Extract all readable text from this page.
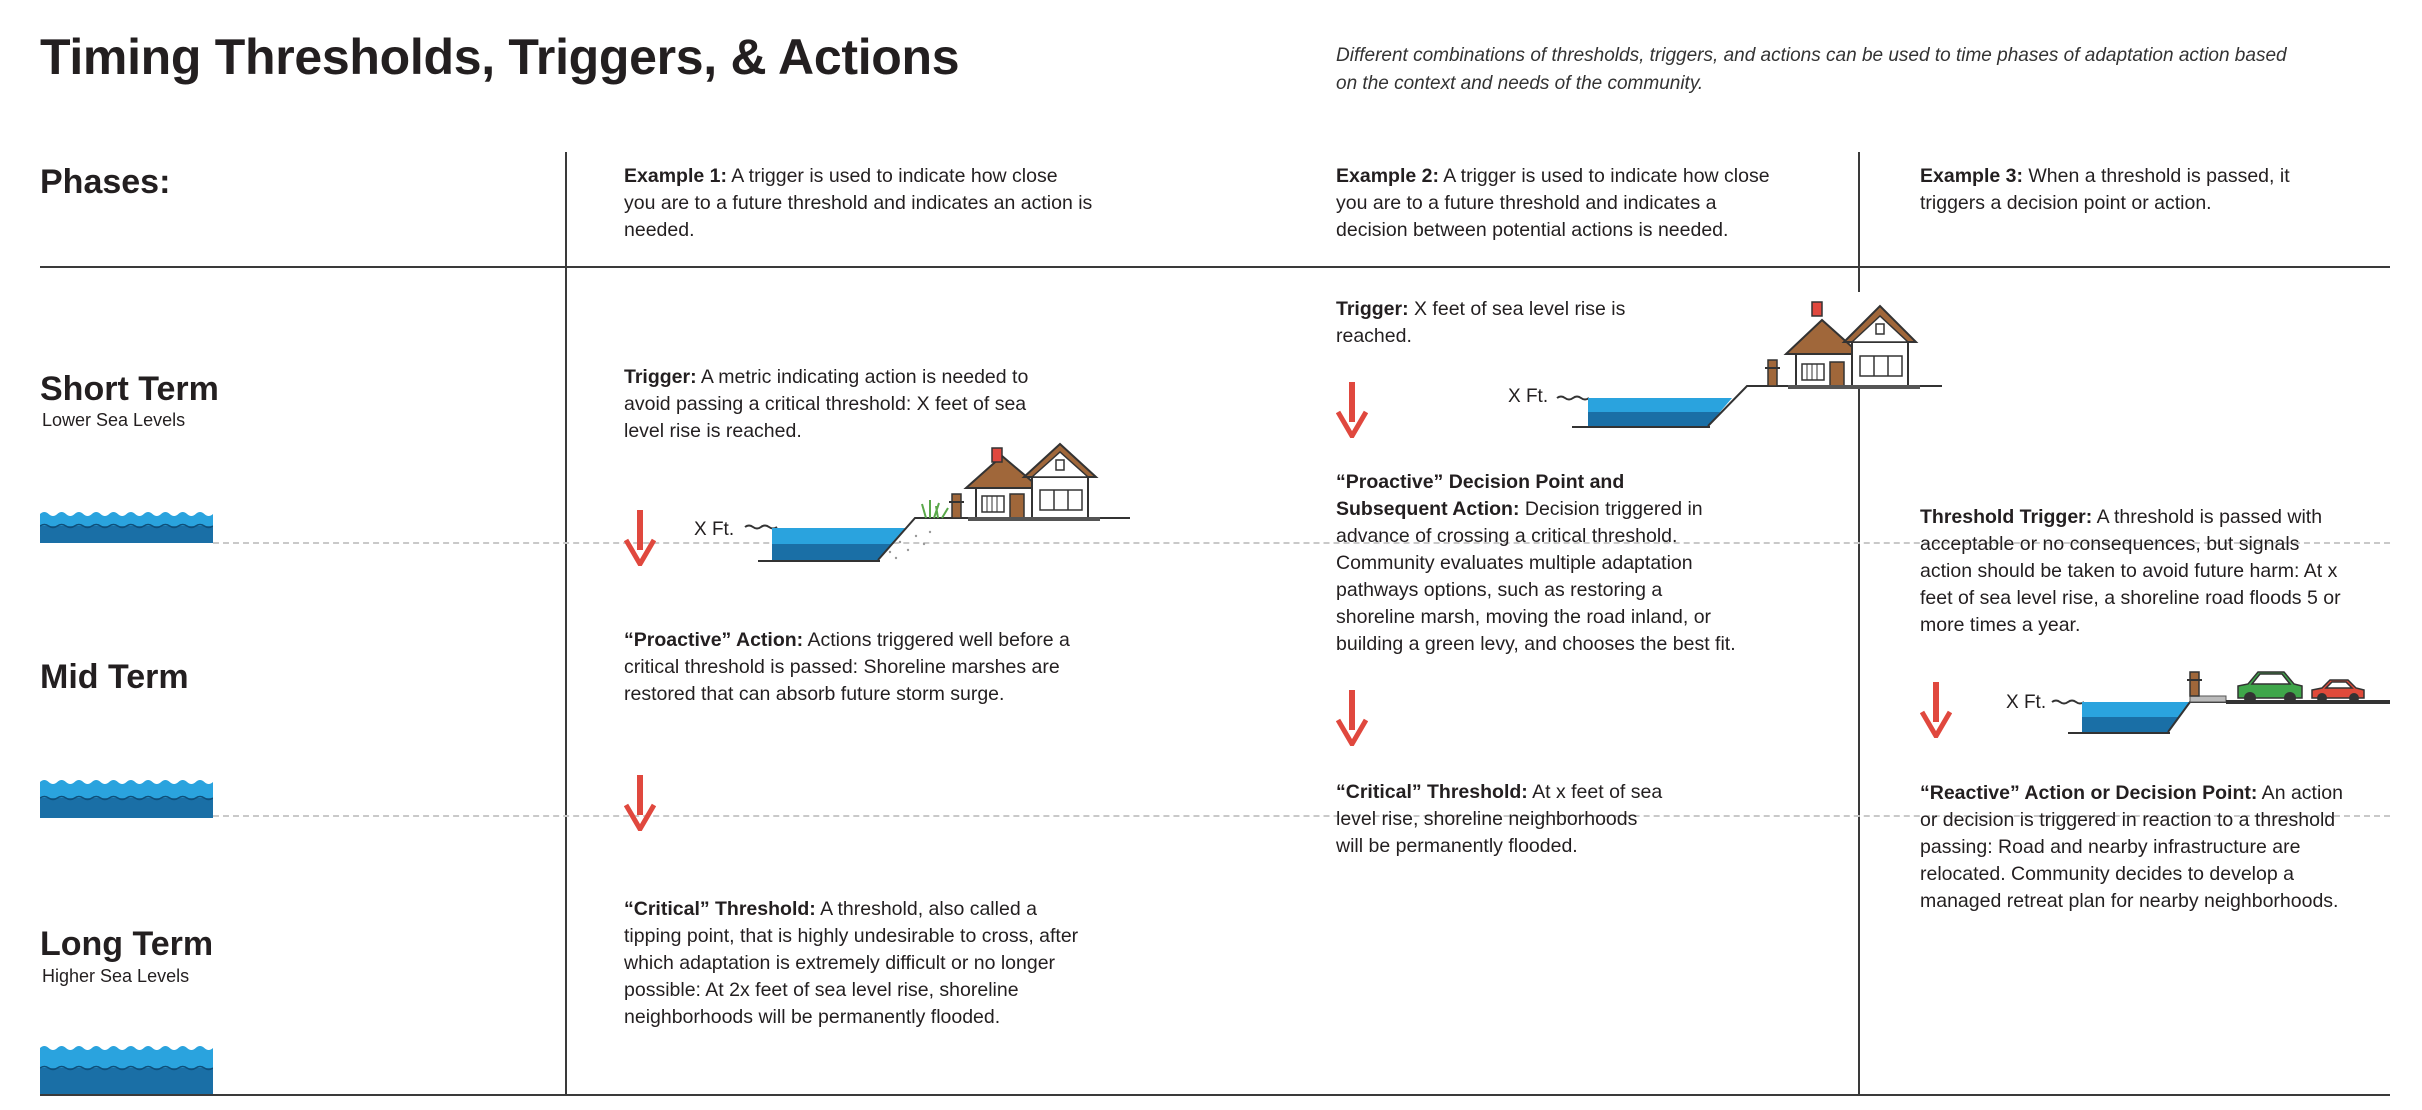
Timing Thresholds, Triggers, & Actions	Different combinations of thresholds, triggers, and actions can be used to time phases of adaptation action based on the context and needs of the community.
Phases:
Short Term
Lower Sea Levels
Mid Term
Long Term
Higher Sea Levels
Example 1: A trigger is used to indicate how close you are to a future threshold and indicates an action is needed.
Trigger: A metric indicating action is needed to avoid passing a critical threshold: X feet of sea level rise is reached.
X Ft.
“Proactive” Action: Actions triggered well before a critical threshold is passed: Shoreline marshes are restored that can absorb future storm surge.
“Critical” Threshold: A threshold, also called a tipping point, that is highly undesirable to cross, after which adaptation is extremely difficult or no longer possible: At 2x feet of sea level rise, shoreline neighborhoods will be permanently flooded.
Example 2: A trigger is used to indicate how close you are to a future threshold and indicates a decision between potential actions is needed.
Trigger: X feet of sea level rise is reached.
X Ft.
“Proactive” Decision Point and Subsequent Action: Decision triggered in advance of crossing a critical threshold. Community evaluates multiple adaptation pathways options, such as restoring a shoreline marsh, moving the road inland, or building a green levy, and chooses the best fit.
“Critical” Threshold: At x feet of sea level rise, shoreline neighborhoods will be permanently flooded.
Example 3: When a threshold is passed, it triggers a decision point or action.
Threshold Trigger: A threshold is passed with acceptable or no consequences, but signals action should be taken to avoid future harm: At x feet of sea level rise, a shoreline road floods 5 or more times a year.
X Ft.
“Reactive” Action or Decision Point: An action or decision is triggered in reaction to a threshold passing: Road and nearby infrastructure are relocated. Community decides to develop a managed retreat plan for nearby neighborhoods.
